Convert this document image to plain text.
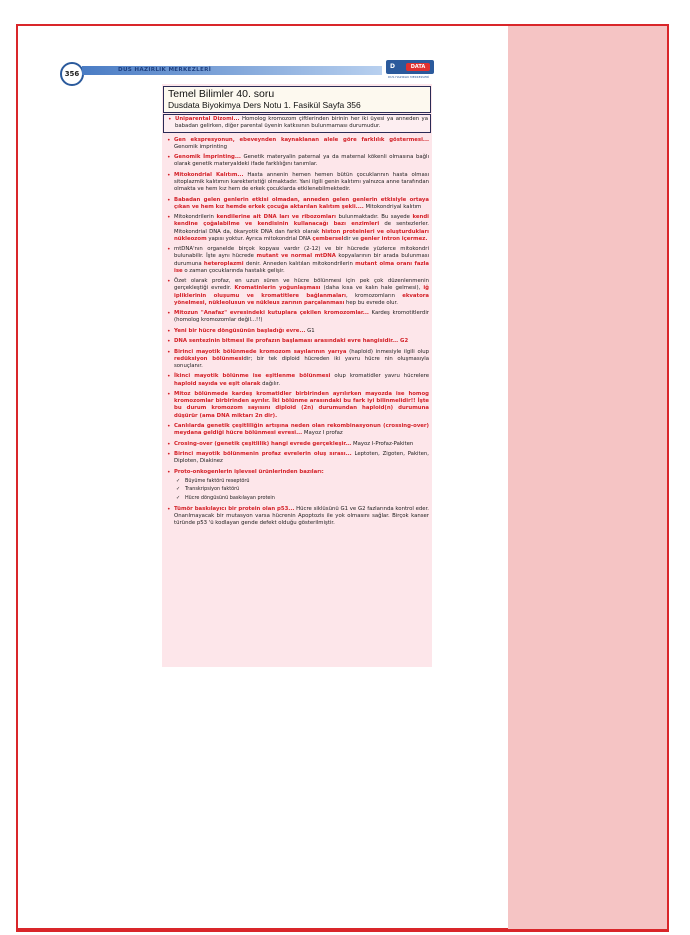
356	DUS HAZIRLIK MERKEZLERİ	D	DATA
DUS HAZIRLIK MERKEZLERİ
Temel Bilimler 40. soru
Dusdata Biyokimya Ders Notu 1. Fasikül Sayfa 356
• Uniparental Dizomi... Homolog kromozom çiftlerinden birinin her iki üyesi ya anneden ya babadan gelirken, diğer parental üyenin katkısının bulunmaması durumudur.
• Gen ekspresyonun, ebeveynden kaynaklanan alele göre farklılık göstermesi... Genomik imprinting
• Genomik İmprinting... Genetik materyalin paternal ya da maternal kökenli olmasına bağlı olarak genetik materyaldeki ifade farklılığını tanımlar.
• Mitokondrial Kalıtım... Hasta annenin hemen hemen bütün çocuklarının hasta olması sitoplazmik kalıtımın karekteristiği olmaktadır. Yani ilgili genin kalıtımı yalnızca anne tarafından olmakta ve hem kız hem de erkek çocuklarda etkilenebilmektedir.
• Babadan gelen genlerin etkisi olmadan, anneden gelen genlerin etkisiyle ortaya çıkan ve hem kız hemde erkek çocuğa aktarılan kalıtım şekli.... Mitokondriyal kalıtım
• Mitokondrilerin kendilerine ait DNA ları ve ribozomları bulunmaktadır. Bu sayede kendi kendine çoğalabilme ve kendisinin kullanacağı bazı enzimleri de sentezlerler. Mitokondrial DNA da, ökaryotik DNA dan farklı olarak histon proteinleri ve oluşturdukları nükleozom yapısı yoktur. Ayrıca mitokondrial DNA çemberseldir ve genler intron içermez.
• mtDNA'nın organelde birçok kopyası vardır (2-12) ve bir hücrede yüzlerce mitokondri bulunabilir. İşte aynı hücrede mutant ve normal mtDNA kopyalarının bir arada bulunması durumuna heteroplazmi denir. Anneden kalıtılan mitokondrilerin mutant olma oranı fazla ise o zaman çocuklarında hastalık gelişir.
• Özet olarak profaz, en uzun süren ve hücre bölünmesi için pek çok düzenlenmenin gerçekleştiği evredir. Kromatinlerin yoğunlaşması (daha kısa ve kalın hale gelmesi), iğ ipliklerinin oluşumu ve kromatitlere bağlanmaları, kromozomların ekvatora yönelmesi, nükleolusun ve nükleus zarının parçalanması hep bu evrede olur.
• Mitozun "Anafaz" evresindeki kutuplara çekilen kromozomlar... Kardeş kromotitlerdir (homolog kromozomlar değil...!!)
• Yeni bir hücre döngüsünün başladığı evre... G1
• DNA sentezinin bitmesi ile profazın başlaması arasındaki evre hangisidir... G2
• Birinci mayotik bölünmede kromozom sayılarının yarıya (haploid) inmesiyle ilgili olup redüksiyon bölünmesidir; bir tek diploid hücreden iki yavru hücre nin oluşmasıyla sonuçlanır.
• İkinci mayotik bölünme ise eşitlenme bölünmesi olup kromatidler yavru hücrelere haploid sayıda ve eşit olarak dağılır.
• Mitoz bölünmede kardeş kromatidler birbirinden ayrılırken mayozda ise homog kromozomlar birbirinden ayrılır. İki bölünme arasındaki bu fark iyi bilinmelidir!! İşte bu durum kromozom sayısını diploid (2n) durumundan haploid(n) durumuna düşürür (ama DNA miktarı 2n dir).
• Canlılarda genetik çeşitliliğin artışına neden olan rekombinasyonun (crossing-over) meydana geldiği hücre bölünmesi evresi... Mayoz I profaz
• Crosing-over (genetik çeşitlilik) hangi evrede gerçekleşir... Mayoz I-Profaz-Pakiten
• Birinci mayotik bölünmenin profaz evrelerin oluş sırası... Leptoten, Zigoten, Pakiten, Diploten, Diakinez
• Proto-onkogenlerin işlevsel ürünlerinden bazıları:
✓ Büyüme faktörü reseptörü
✓ Transkripsiyon faktörü
✓ Hücre döngüsünü baskılayan protein
• Tümör baskılayıcı bir protein olan p53... Hücre siklüsünü G1 ve G2 fazlarında kontrol eder. Onarılmayacak bir mutasyon varsa hücrenin Apoptozis ile yok olmasını sağlar. Birçok kanser türünde p53 'ü kodlayan gende defekt olduğu gösterilmiştir.
